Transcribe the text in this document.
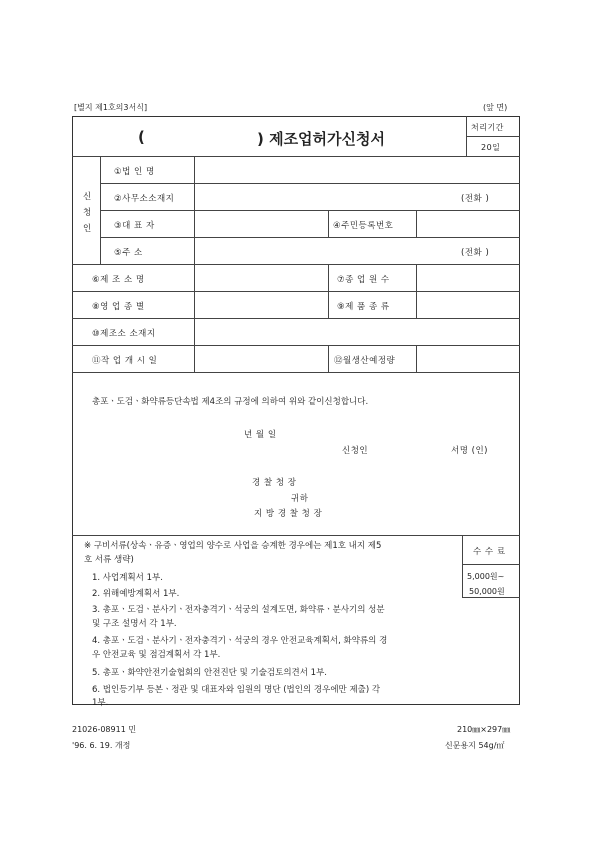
[별지 제1호의3서식]	(앞 면)
(	) 제조업허가신청서
처리기간
20일
신
청
인
①법 인 명
②사무소소재지	(전화 )
③대 표 자	④주민등록번호
⑤주 소	(전화 )
⑥제 조 소 명	⑦종 업 원 수
⑧영 업 종 별	⑨제 품 종 류
⑩제조소 소재지
⑪작 업 개 시 일	⑫월생산예정량
총포ㆍ도검ㆍ화약류등단속법 제4조의 규정에 의하여 위와 같이신청합니다.
년 월 일
신청인	서명 (인)
경 찰 청 장
귀하
지 방 경 찰 청 장
수 수 료
5,000원~
50,000원
※ 구비서류(상속ㆍ유증ㆍ영업의 양수로 사업을 승계한 경우에는 제1호 내지 제5
호 서류 생략)
1. 사업계획서 1부.
2. 위해예방계획서 1부.
3. 총포ㆍ도검ㆍ분사기ㆍ전자충격기ㆍ석궁의 설계도면, 화약류ㆍ분사기의 성분
및 구조 설명서 각 1부.
4. 총포ㆍ도검ㆍ분사기ㆍ전자충격기ㆍ석궁의 경우 안전교육계획서, 화약류의 경
우 안전교육 및 점검계획서 각 1부.
5. 총포ㆍ화약안전기술협회의 안전진단 및 기술검토의견서 1부.
6. 법인등기부 등본ㆍ정관 및 대표자와 임원의 명단 (법인의 경우에만 제출) 각
1부.
21026-08911 민
'96. 6. 19. 개정
210㎜×297㎜
신문용지 54g/㎡
